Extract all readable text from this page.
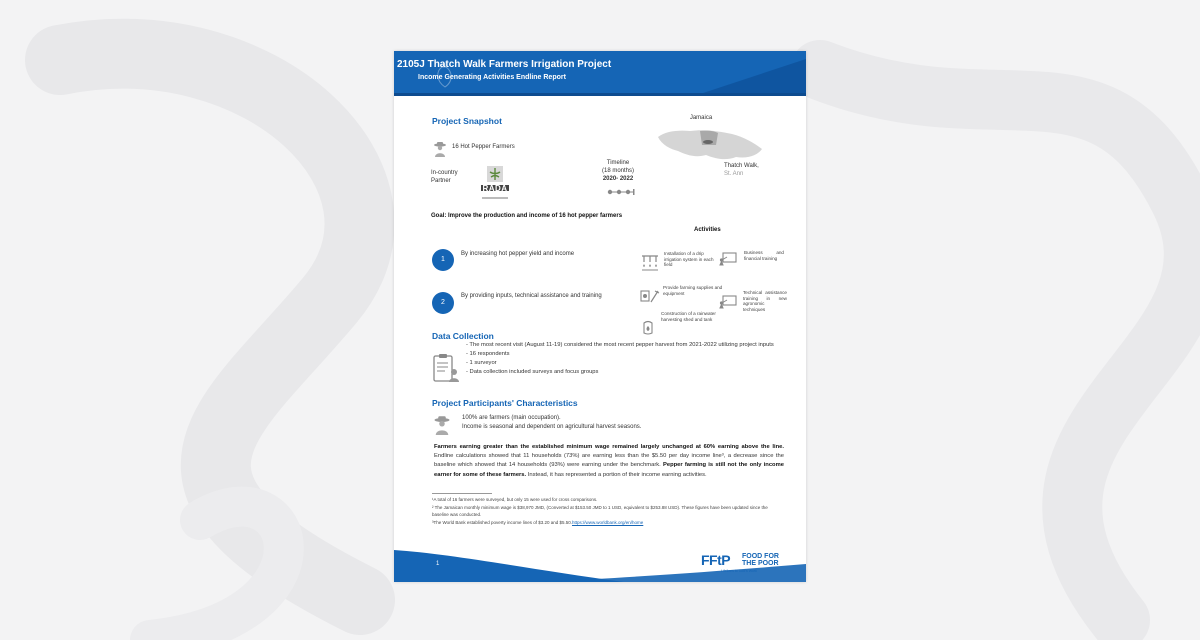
2105J Thatch Walk Farmers Irrigation Project
Income Generating Activities Endline Report
Project Snapshot
16 Hot Pepper Farmers
In-country Partner
RADA
Timeline
(18 months)
2020- 2022
Jamaica
Thatch Walk,
St. Ann
Goal: Improve the production and income of 16 hot pepper farmers
1
By increasing hot pepper yield and income
2
By providing inputs, technical assistance and training
Activities
Installation of a drip irrigation system in each field
Business and financial training
Provide farming supplies and equipment	Technical assistance training in new agronomic techniques
Construction of a rainwater harvesting shed and tank
Data Collection
- The most recent visit (August 11-19) considered the most recent pepper harvest from 2021-2022 utilizing project inputs
- 16 respondents
- 1 surveyor
- Data collection included surveys and focus groups
Project Participants' Characteristics
100% are farmers (main occupation).
Income is seasonal and dependent on agricultural harvest seasons.
Farmers earning greater than the established minimum wage remained largely unchanged at 60% earning above the line. Endline calculations showed that 11 households (73%) are earning less than the $5.50 per day income line³, a decrease since the baseline which showed that 14 households (93%) were earning under the benchmark. Pepper farming is still not the only income earner for some of these farmers. Instead, it has represented a portion of their income earning activities.
¹A total of 16 farmers were surveyed, but only 15 were used for cross comparisons.
² The Jamaican monthly minimum wage is $38,970 JMD, (Converted at $153.50 JMD to 1 USD, equivalent to $253.88 USD). These figures have been updated since the baseline was conducted.
³The World Bank established poverty income lines of $3.20 and $5.50.https://www.worldbank.org/en/home
1	FFtP FOOD FOR
THE POOR
Lifelines to God's Work
